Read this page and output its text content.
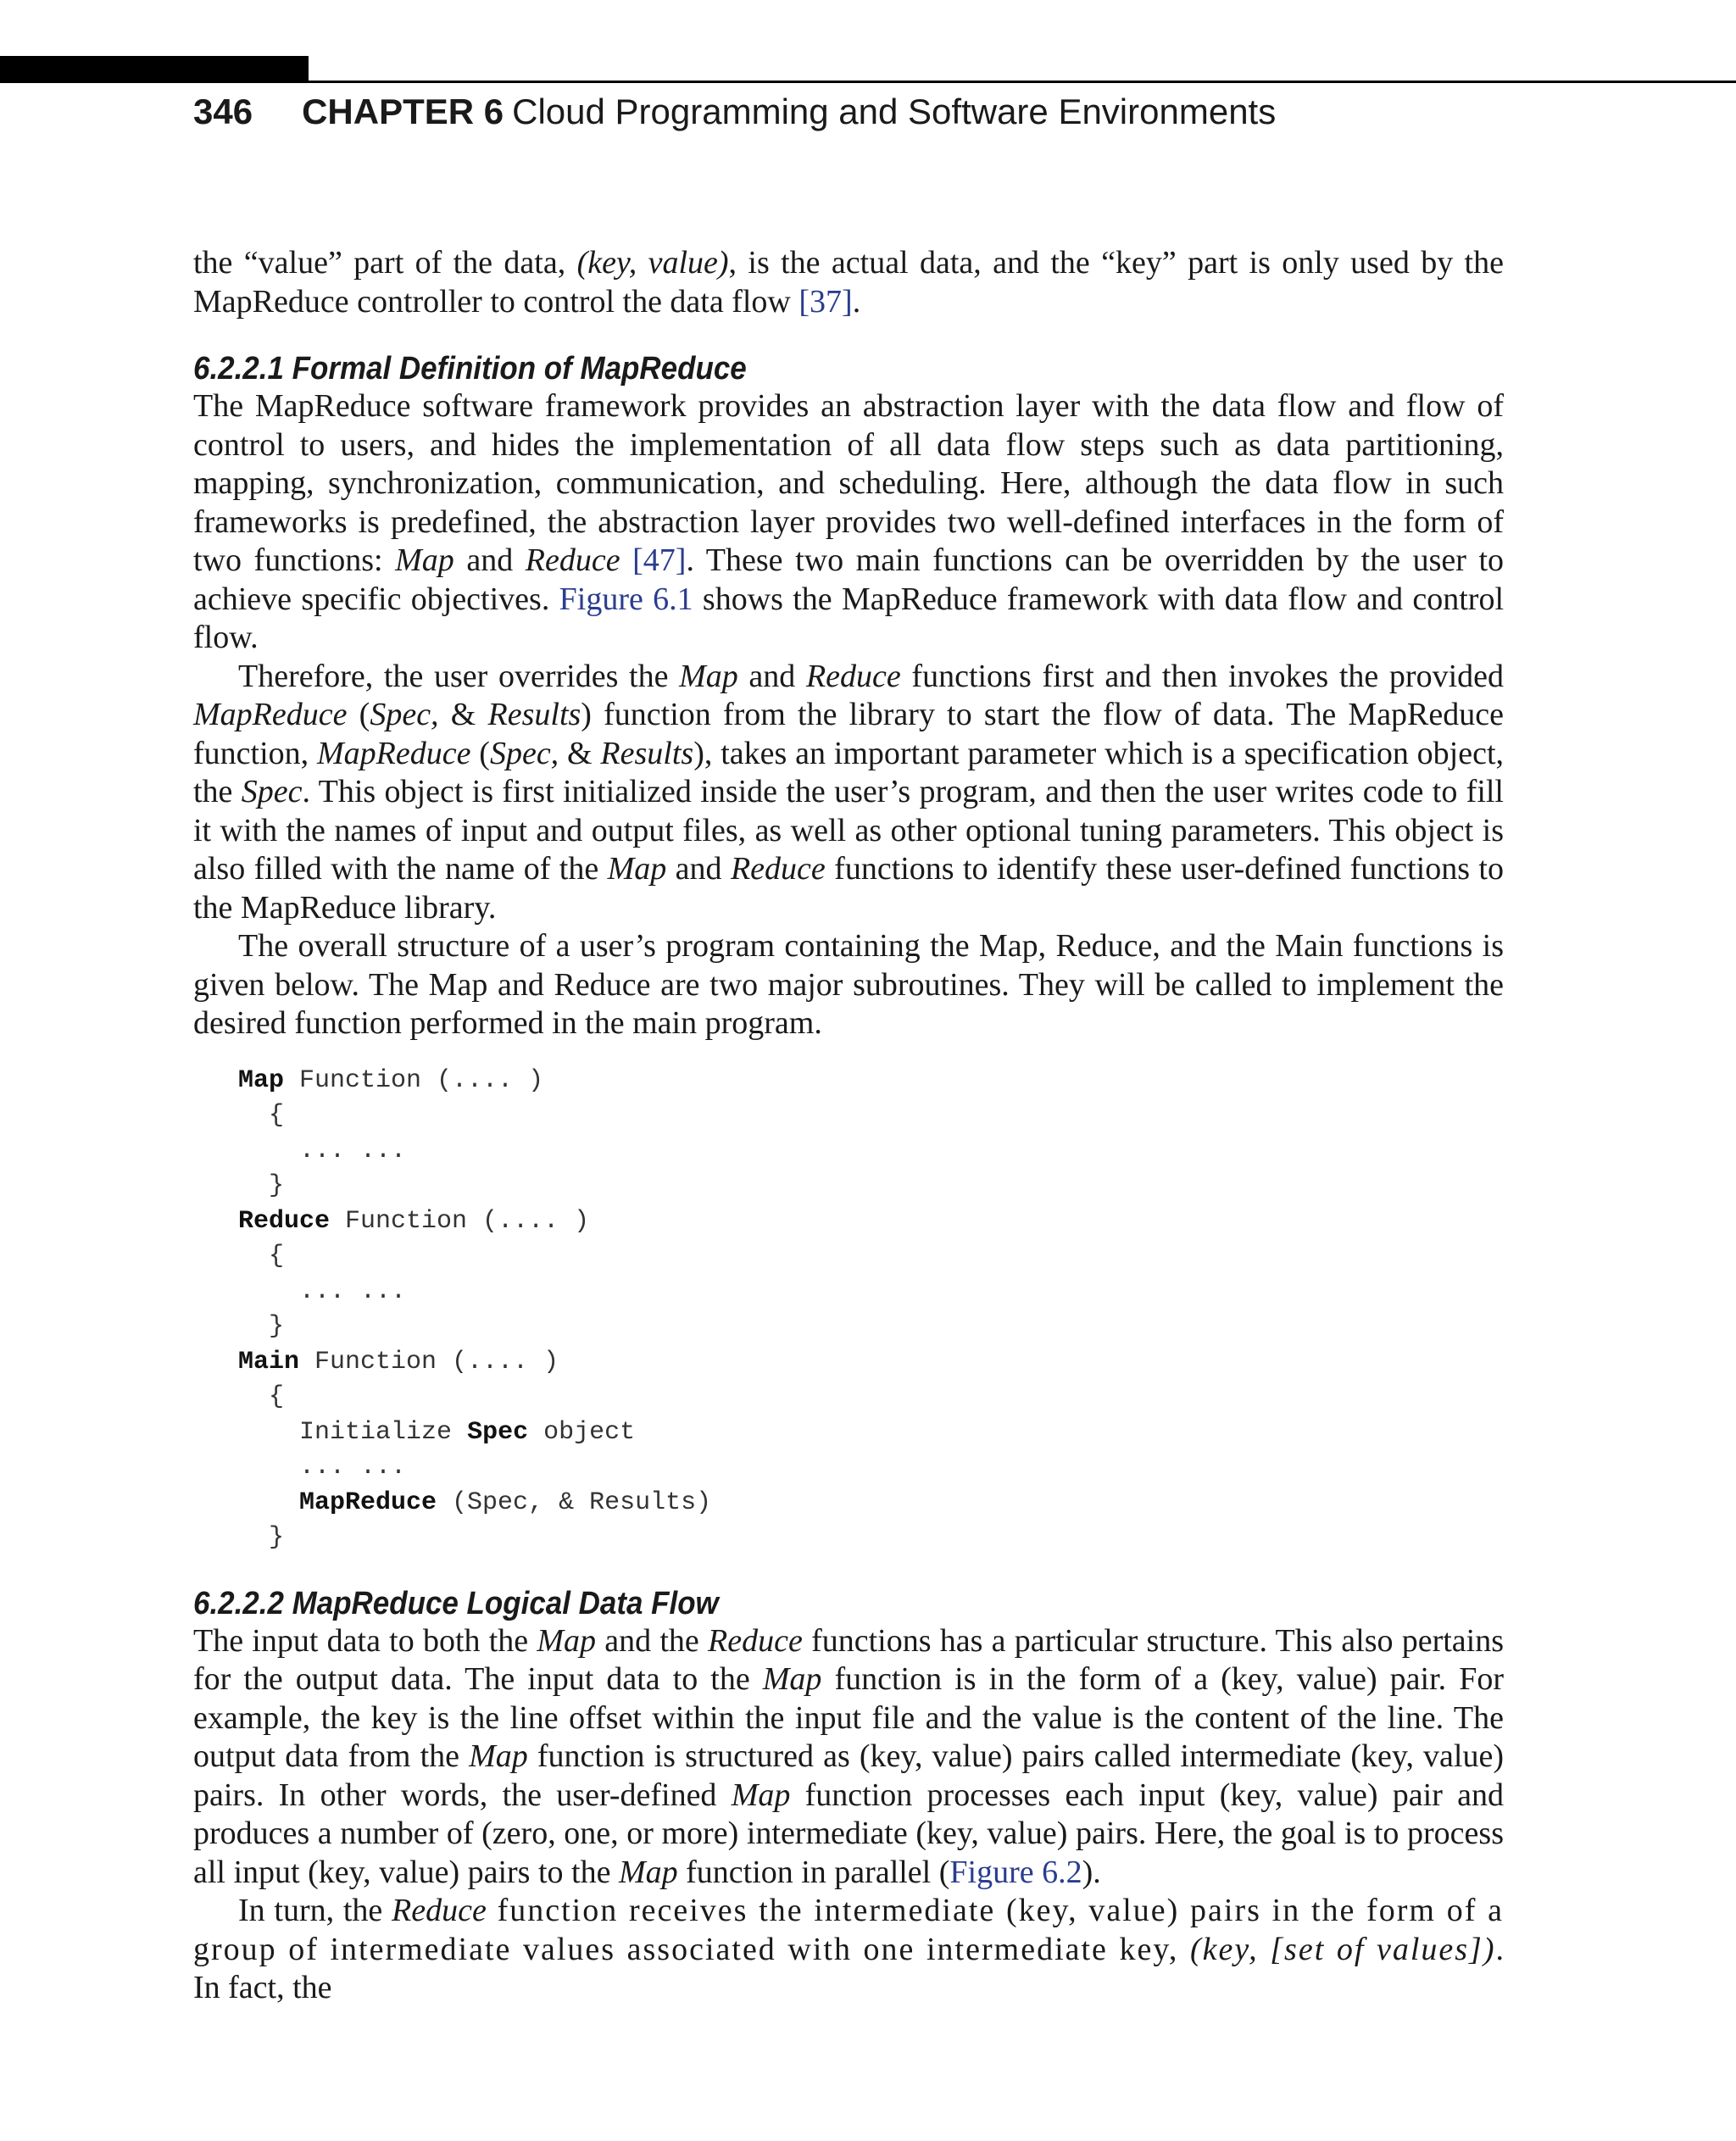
346 CHAPTER 6 Cloud Programming and Software Environments

the “value” part of the data, (key, value), is the actual data, and the “key” part is only used by the MapReduce controller to control the data flow [37].

6.2.2.1 Formal Definition of MapReduce

The MapReduce software framework provides an abstraction layer with the data flow and flow of control to users, and hides the implementation of all data flow steps such as data partitioning, mapping, synchronization, communication, and scheduling. Here, although the data flow in such frameworks is predefined, the abstraction layer provides two well-defined interfaces in the form of two functions: Map and Reduce [47]. These two main functions can be overridden by the user to achieve specific objectives. Figure 6.1 shows the MapReduce framework with data flow and control flow.

Therefore, the user overrides the Map and Reduce functions first and then invokes the provided MapReduce (Spec, & Results) function from the library to start the flow of data. The MapReduce function, MapReduce (Spec, & Results), takes an important parameter which is a specification object, the Spec. This object is first initialized inside the user’s program, and then the user writes code to fill it with the names of input and output files, as well as other optional tuning parameters. This object is also filled with the name of the Map and Reduce functions to identify these user-defined functions to the MapReduce library.

The overall structure of a user’s program containing the Map, Reduce, and the Main functions is given below. The Map and Reduce are two major subroutines. They will be called to implement the desired function performed in the main program.

Map Function (.... )
{
... ...
}
Reduce Function (.... )
{
... ...
}
Main Function (.... )
{
Initialize Spec object
... ...
MapReduce (Spec, & Results)
}
6.2.2.2 MapReduce Logical Data Flow

The input data to both the Map and the Reduce functions has a particular structure. This also pertains for the output data. The input data to the Map function is in the form of a (key, value) pair. For example, the key is the line offset within the input file and the value is the content of the line. The output data from the Map function is structured as (key, value) pairs called intermediate (key, value) pairs. In other words, the user-defined Map function processes each input (key, value) pair and produces a number of (zero, one, or more) intermediate (key, value) pairs. Here, the goal is to process all input (key, value) pairs to the Map function in parallel (Figure 6.2).

In turn, the Reduce function receives the intermediate (key, value) pairs in the form of a group of intermediate values associated with one intermediate key, (key, [set of values]). In fact, the
